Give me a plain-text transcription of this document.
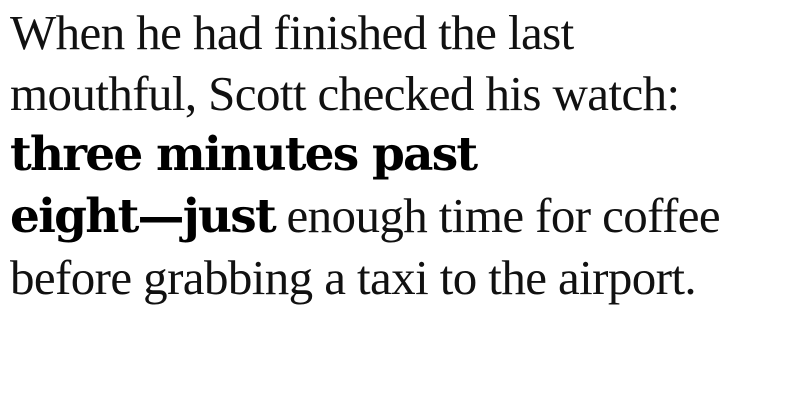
When he had finished the last
mouthful, Scott checked his watch:
three minutes past
eight—just enough time for coffee
before grabbing a taxi to the airport.
